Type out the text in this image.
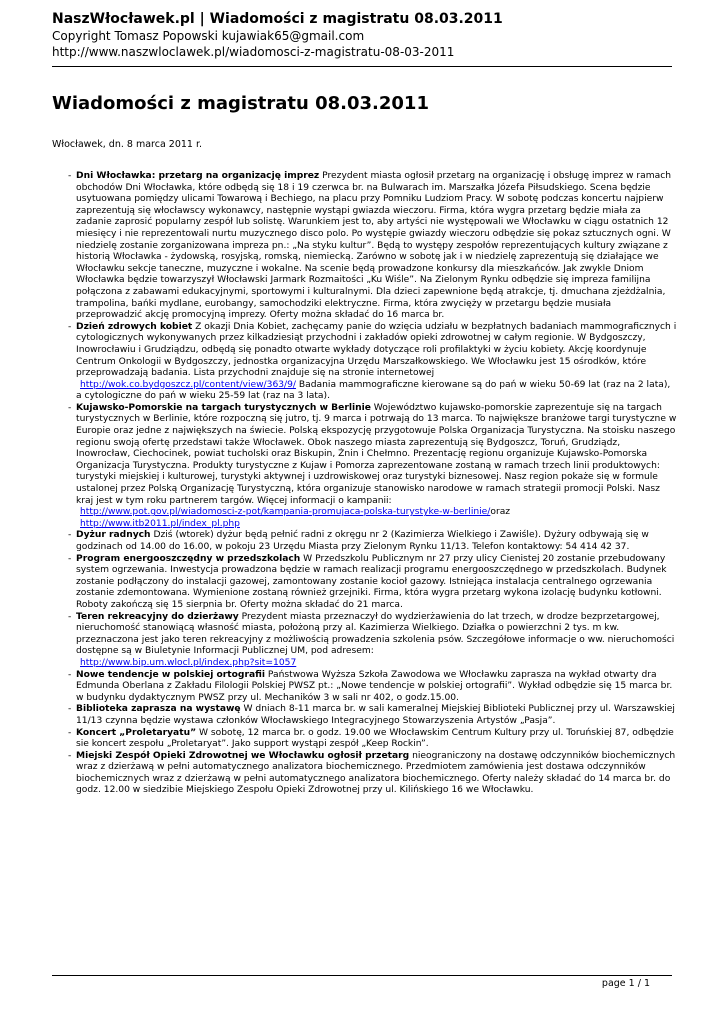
NaszWłocławek.pl | Wiadomości z magistratu 08.03.2011
Copyright Tomasz Popowski kujawiak65@gmail.com
http://www.naszwloclawek.pl/wiadomosci-z-magistratu-08-03-2011
Wiadomości z magistratu 08.03.2011
Włocławek, dn. 8 marca 2011 r.
- Dni Włocławka: przetarg na organizację imprez Prezydent miasta ogłosił przetarg na organizację i obsługę imprez w ramach obchodów Dni Włocławka, które odbędą się 18 i 19 czerwca br. na Bulwarach im. Marszałka Józefa Piłsudskiego. Scena będzie usytuowana pomiędzy ulicami Towarową i Bechiego, na placu przy Pomniku Ludziom Pracy. W sobotę podczas koncertu najpierw zaprezentują się włocławscy wykonawcy, następnie wystąpi gwiazda wieczoru. Firma, która wygra przetarg będzie miała za zadanie zaprosić popularny zespół lub solistę. Warunkiem jest to, aby artyści nie występowali we Włocławku w ciągu ostatnich 12 miesięcy i nie reprezentowali nurtu muzycznego disco polo. Po występie gwiazdy wieczoru odbędzie się pokaz sztucznych ogni. W niedzielę zostanie zorganizowana impreza pn.: „Na styku kultur”. Będą to występy zespołów reprezentujących kultury związane z historią Włocławka - żydowską, rosyjską, romską, niemiecką. Zarówno w sobotę jak i w niedzielę zaprezentują się działające we Włocławku sekcje taneczne, muzyczne i wokalne. Na scenie będą prowadzone konkursy dla mieszkańców. Jak zwykle Dniom Włocławka będzie towarzyszył Włocławski Jarmark Rozmaitości „Ku Wiśle”. Na Zielonym Rynku odbędzie się impreza familijna połączona z zabawami edukacyjnymi, sportowymi i kulturalnymi. Dla dzieci zapewnione będą atrakcje, tj. dmuchana zjeżdżalnia, trampolina, bańki mydlane, eurobangy, samochodziki elektryczne. Firma, która zwycięży w przetargu będzie musiała przeprowadzić akcję promocyjną imprezy. Oferty można składać do 16 marca br.
- Dzień zdrowych kobiet Z okazji Dnia Kobiet, zachęcamy panie do wzięcia udziału w bezpłatnych badaniach mammograficznych i cytologicznych wykonywanych przez kilkadziesiąt przychodni i zakładów opieki zdrowotnej w całym regionie. W Bydgoszczy, Inowrocławiu i Grudziądzu, odbędą się ponadto otwarte wykłady dotyczące roli profilaktyki w życiu kobiety. Akcję koordynuje Centrum Onkologii w Bydgoszczy, jednostka organizacyjna Urzędu Marszałkowskiego. We Włocławku jest 15 ośrodków, które przeprowadzają badania. Lista przychodni znajduje się na stronie internetowej
http://wok.co.bydgoszcz.pl/content/view/363/9/ Badania mammograficzne kierowane są do pań w wieku 50-69 lat (raz na 2 lata), a cytologiczne do pań w wieku 25-59 lat (raz na 3 lata).
- Kujawsko-Pomorskie na targach turystycznych w Berlinie Województwo kujawsko-pomorskie zaprezentuje się na targach turystycznych w Berlinie, które rozpoczną się jutro, tj. 9 marca i potrwają do 13 marca. To największe branżowe targi turystyczne w Europie oraz jedne z największych na świecie. Polską ekspozycję przygotowuje Polska Organizacja Turystyczna. Na stoisku naszego regionu swoją ofertę przedstawi także Włocławek. Obok naszego miasta zaprezentują się Bydgoszcz, Toruń, Grudziądz, Inowrocław, Ciechocinek, powiat tucholski oraz Biskupin, Żnin i Chełmno. Prezentację regionu organizuje Kujawsko-Pomorska Organizacja Turystyczna. Produkty turystyczne z Kujaw i Pomorza zaprezentowane zostaną w ramach trzech linii produktowych: turystyki miejskiej i kulturowej, turystyki aktywnej i uzdrowiskowej oraz turystyki biznesowej. Nasz region pokaże się w formule ustalonej przez Polską Organizację Turystyczną, która organizuje stanowisko narodowe w ramach strategii promocji Polski. Nasz kraj jest w tym roku partnerem targów. Więcej informacji o kampanii:
http://www.pot.gov.pl/wiadomosci-z-pot/kampania-promujaca-polska-turystyke-w-berlinie/oraz
http://www.itb2011.pl/index_pl.php
- Dyżur radnych Dziś (wtorek) dyżur będą pełnić radni z okręgu nr 2 (Kazimierza Wielkiego i Zawiśle). Dyżury odbywają się w godzinach od 14.00 do 16.00, w pokoju 23 Urzędu Miasta przy Zielonym Rynku 11/13. Telefon kontaktowy: 54 414 42 37.
- Program energooszczędny w przedszkolach W Przedszkolu Publicznym nr 27 przy ulicy Cienistej 20 zostanie przebudowany system ogrzewania. Inwestycja prowadzona będzie w ramach realizacji programu energooszczędnego w przedszkolach. Budynek zostanie podłączony do instalacji gazowej, zamontowany zostanie kocioł gazowy. Istniejąca instalacja centralnego ogrzewania zostanie zdemontowana. Wymienione zostaną również grzejniki. Firma, która wygra przetarg wykona izolację budynku kotłowni. Roboty zakończą się 15 sierpnia br. Oferty można składać do 21 marca.
- Teren rekreacyjny do dzierżawy Prezydent miasta przeznaczył do wydzierżawienia do lat trzech, w drodze bezprzetargowej, nieruchomość stanowiącą własność miasta, położoną przy al. Kazimierza Wielkiego. Działka o powierzchni 2 tys. m kw. przeznaczona jest jako teren rekreacyjny z możliwością prowadzenia szkolenia psów. Szczegółowe informacje o ww. nieruchomości dostępne są w Biuletynie Informacji Publicznej UM, pod adresem:
http://www.bip.um.wlocl.pl/index.php?sit=1057
- Nowe tendencje w polskiej ortografii Państwowa Wyższa Szkoła Zawodowa we Włocławku zaprasza na wykład otwarty dra Edmunda Oberlana z Zakładu Filologii Polskiej PWSZ pt.: „Nowe tendencje w polskiej ortografii”. Wykład odbędzie się 15 marca br. w budynku dydaktycznym PWSZ przy ul. Mechaników 3 w sali nr 402, o godz.15.00.
- Biblioteka zaprasza na wystawę W dniach 8-11 marca br. w sali kameralnej Miejskiej Biblioteki Publicznej przy ul. Warszawskiej 11/13 czynna będzie wystawa członków Włocławskiego Integracyjnego Stowarzyszenia Artystów „Pasja”.
- Koncert „Proletaryatu” W sobotę, 12 marca br. o godz. 19.00 we Włocławskim Centrum Kultury przy ul. Toruńskiej 87, odbędzie sie koncert zespołu „Proletaryat”. Jako support wystąpi zespół „Keep Rockin”.
- Miejski Zespół Opieki Zdrowotnej we Włocławku ogłosił przetarg nieograniczony na dostawę odczynników biochemicznych wraz z dzierżawą w pełni automatycznego analizatora biochemicznego. Przedmiotem zamówienia jest dostawa odczynników biochemicznych wraz z dzierżawą w pełni automatycznego analizatora biochemicznego. Oferty należy składać do 14 marca br. do godz. 12.00 w siedzibie Miejskiego Zespołu Opieki Zdrowotnej przy ul. Kilińskiego 16 we Włocławku.
page 1 / 1
